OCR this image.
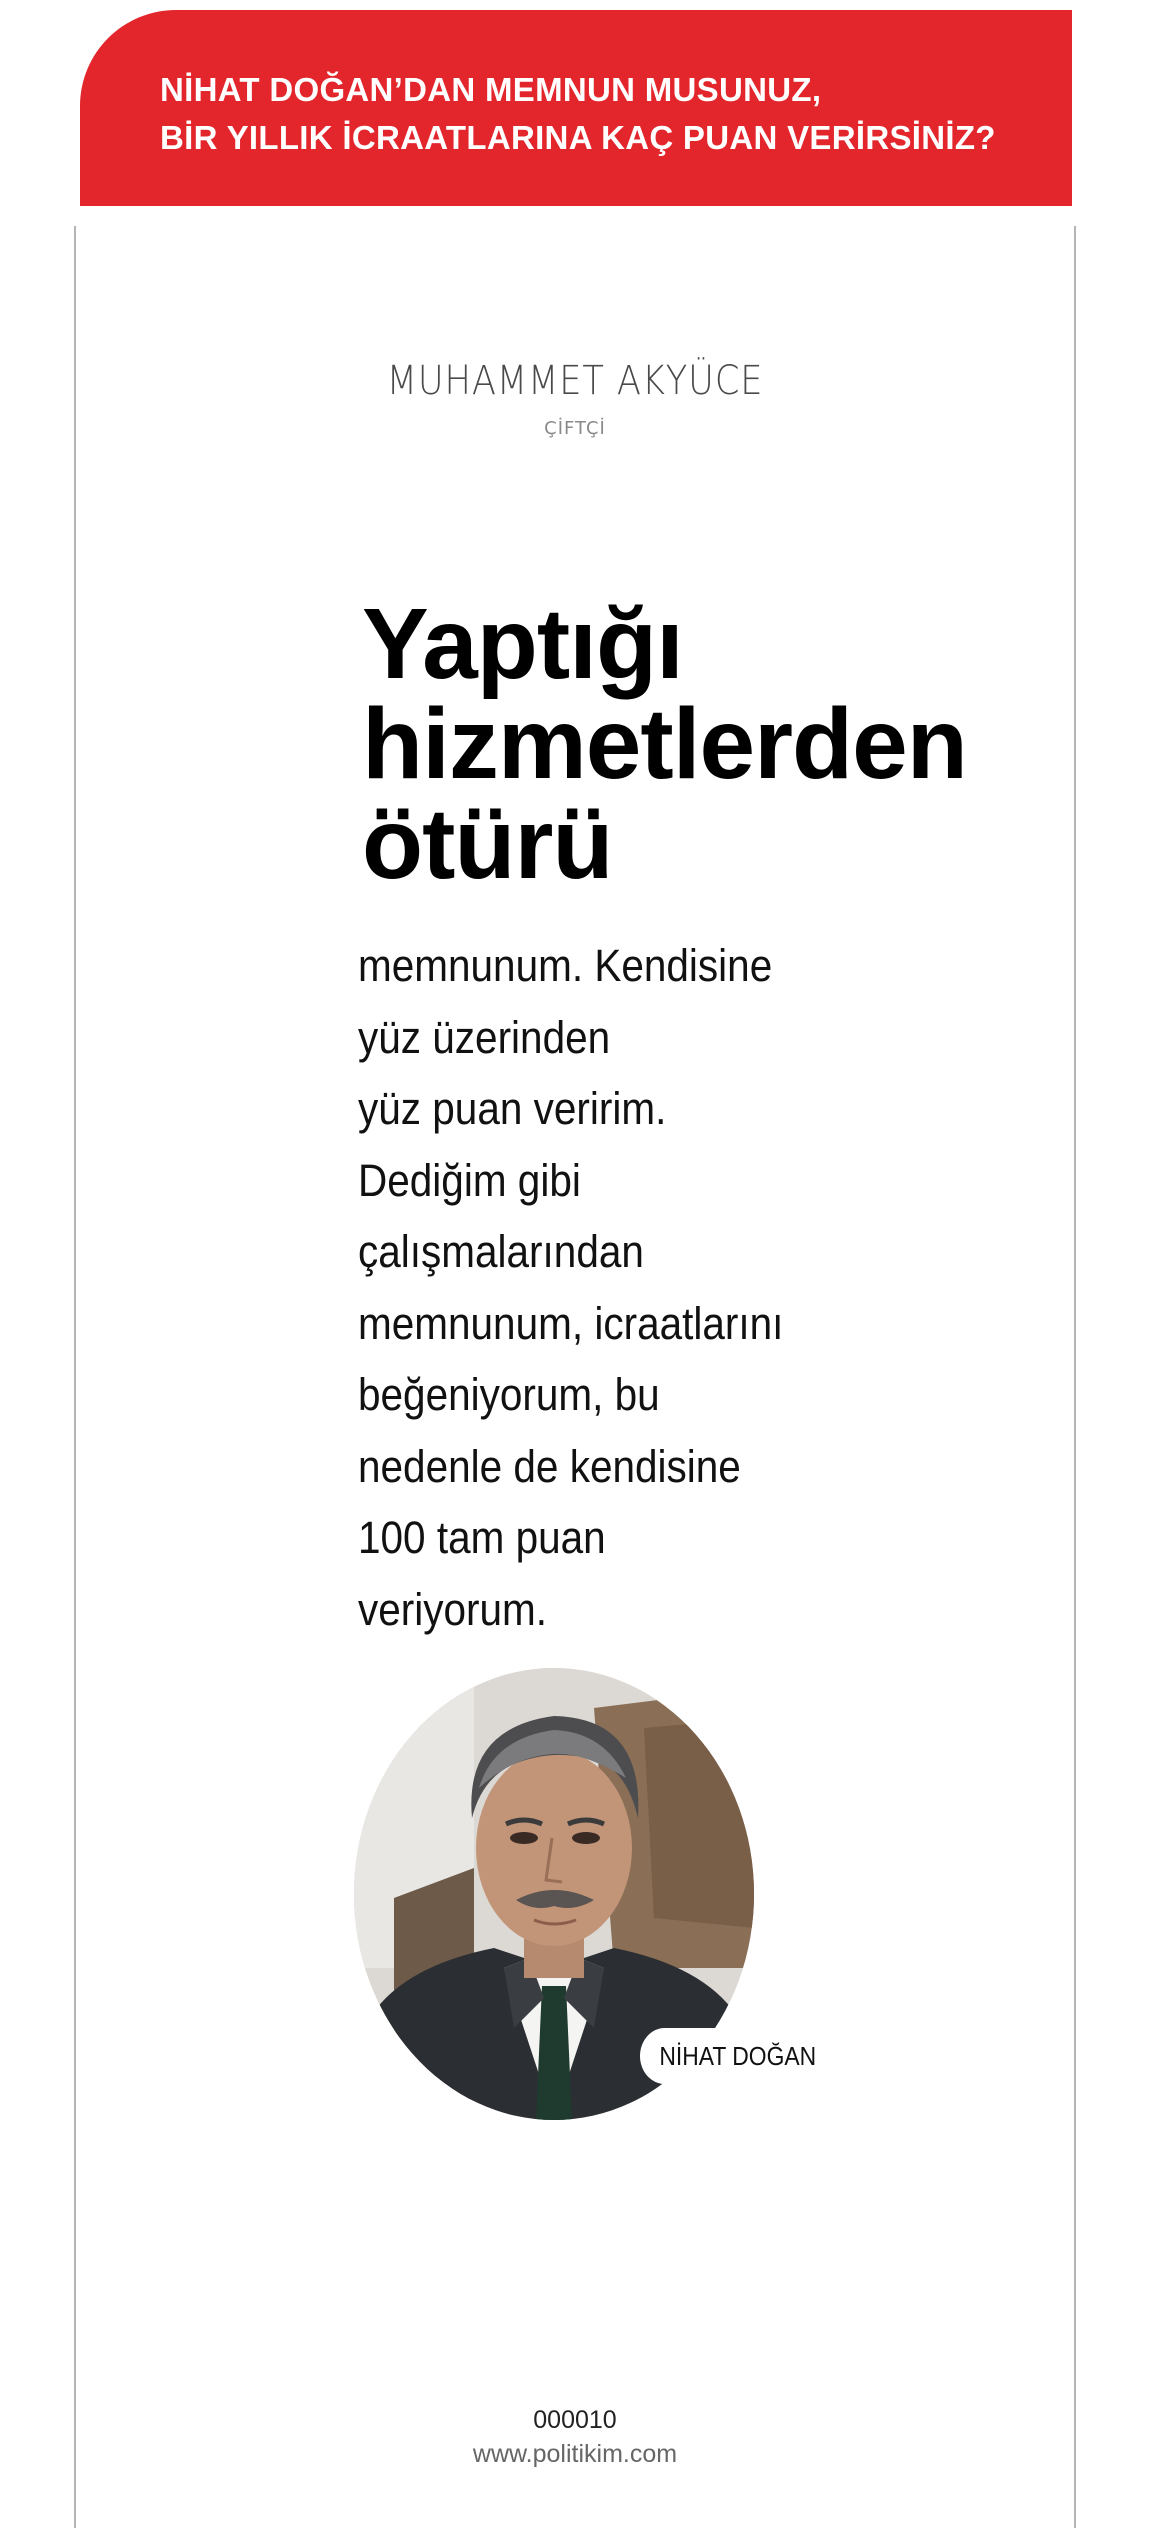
NİHAT DOĞAN’DAN MEMNUN MUSUNUZ,
BİR YILLIK İCRAATLARINA KAÇ PUAN VERİRSİNİZ?
MUHAMMET AKYÜCE
ÇİFTÇİ
Yaptığı
hizmetlerden
ötürü
memnunum. Kendisine
yüz üzerinden
yüz puan veririm.
Dediğim gibi
çalışmalarından
memnunum, icraatlarını
beğeniyorum, bu
nedenle de kendisine
100 tam puan
veriyorum.
NİHAT DOĞAN
000010
www.politikim.com
